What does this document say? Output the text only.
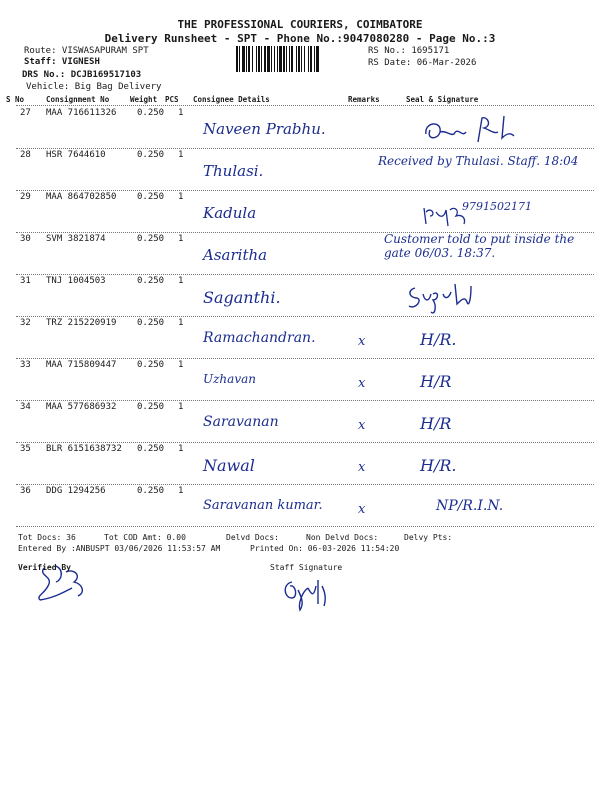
THE PROFESSIONAL COURIERS, COIMBATORE
Delivery Runsheet - SPT - Phone No.:9047080280 - Page No.:3
Route: VISWASAPURAM SPT
Staff: VIGNESH
DRS No.: DCJB169517103
Vehicle: Big Bag Delivery
RS No.: 1695171
RS Date: 06-Mar-2026
S No	Consignment No	Weight PCS Consignee Details	Remarks	Seal & Signature
27 MAA 716611326 0.250 1
Naveen Prabhu.
28 HSR 7644610	0.250 1
Thulasi.
Received by Thulasi. Staff. 18:04
29 MAA 864702850 0.250 1
Kadula	9791502171
30 SVM 3821874	0.250 1
Asaritha
Customer told to put inside the gate 06/03. 18:37.
31 TNJ 1004503	0.250 1
Saganthi.
32 TRZ 215220919 0.250 1
Ramachandran.	x	H/R.
33 MAA 715809447 0.250 1
Uzhavan	x	H/R
34 MAA 577686932 0.250 1
Saravanan	x	H/R
35 BLR 6151638732 0.250 1
Nawal	x	H/R.
36 DDG 1294256	0.250 1
Saravanan kumar.	x	NP/R.I.N.
Tot Docs: 36	Tot COD Amt: 0.00	Delvd Docs:	Non Delvd Docs:	Delvy Pts:
Entered By :ANBUSPT 03/06/2026 11:53:57 AM	Printed On: 06-03-2026 11:54:20
Verified By	Staff Signature
